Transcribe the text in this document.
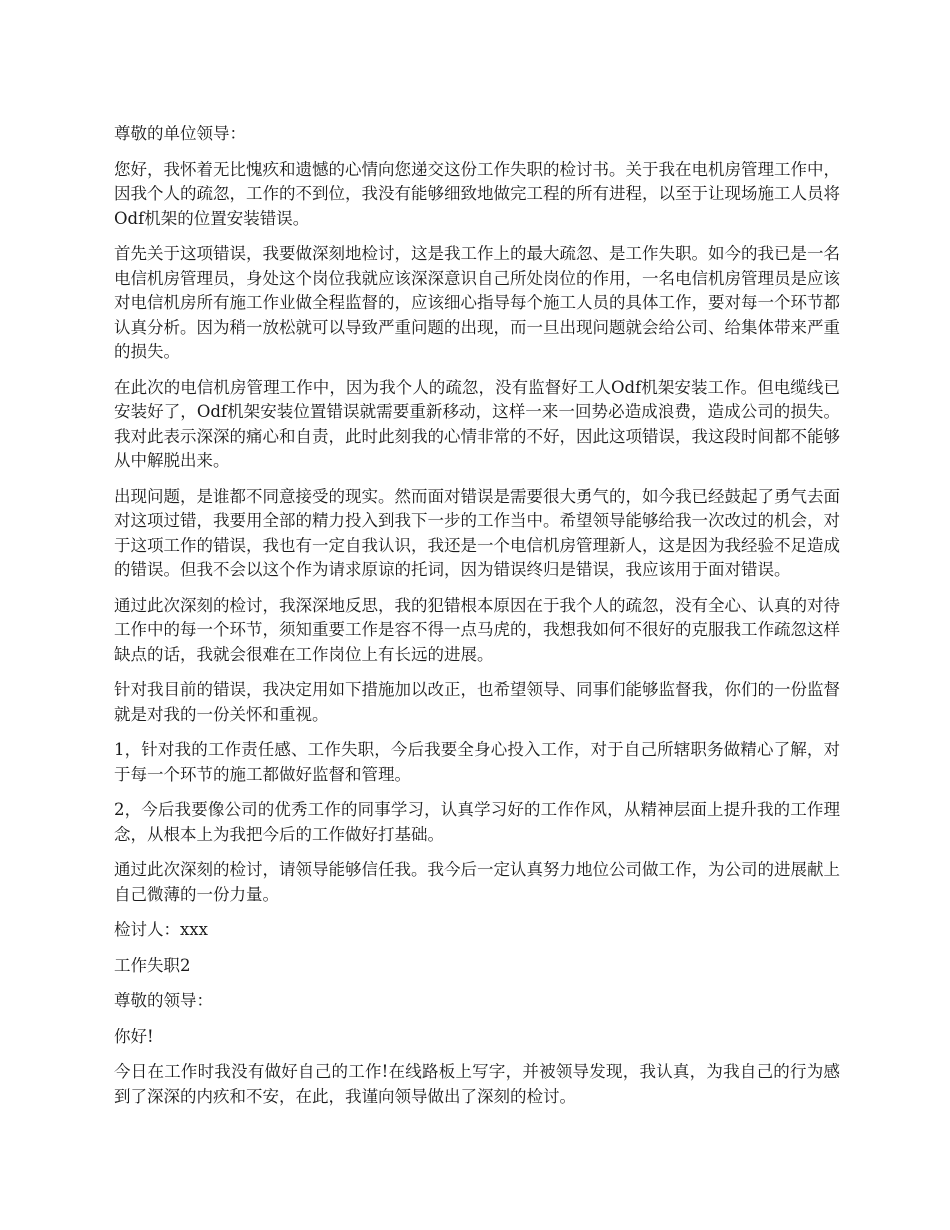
尊敬的单位领导：

您好，我怀着无比愧疚和遗憾的心情向您递交这份工作失职的检讨书。关于我在电机房管理工作中，因我个人的疏忽，工作的不到位，我没有能够细致地做完工程的所有进程，以至于让现场施工人员将Odf机架的位置安装错误。

首先关于这项错误，我要做深刻地检讨，这是我工作上的最大疏忽、是工作失职。如今的我已是一名电信机房管理员，身处这个岗位我就应该深深意识自己所处岗位的作用，一名电信机房管理员是应该对电信机房所有施工作业做全程监督的，应该细心指导每个施工人员的具体工作，要对每一个环节都认真分析。因为稍一放松就可以导致严重问题的出现，而一旦出现问题就会给公司、给集体带来严重的损失。

在此次的电信机房管理工作中，因为我个人的疏忽，没有监督好工人Odf机架安装工作。但电缆线已安装好了，Odf机架安装位置错误就需要重新移动，这样一来一回势必造成浪费，造成公司的损失。我对此表示深深的痛心和自责，此时此刻我的心情非常的不好，因此这项错误，我这段时间都不能够从中解脱出来。

出现问题，是谁都不同意接受的现实。然而面对错误是需要很大勇气的，如今我已经鼓起了勇气去面对这项过错，我要用全部的精力投入到我下一步的工作当中。希望领导能够给我一次改过的机会，对于这项工作的错误，我也有一定自我认识，我还是一个电信机房管理新人，这是因为我经验不足造成的错误。但我不会以这个作为请求原谅的托词，因为错误终归是错误，我应该用于面对错误。

通过此次深刻的检讨，我深深地反思，我的犯错根本原因在于我个人的疏忽，没有全心、认真的对待工作中的每一个环节，须知重要工作是容不得一点马虎的，我想我如何不很好的克服我工作疏忽这样缺点的话，我就会很难在工作岗位上有长远的进展。

针对我目前的错误，我决定用如下措施加以改正，也希望领导、同事们能够监督我，你们的一份监督就是对我的一份关怀和重视。

1，针对我的工作责任感、工作失职，今后我要全身心投入工作，对于自己所辖职务做精心了解，对于每一个环节的施工都做好监督和管理。

2，今后我要像公司的优秀工作的同事学习，认真学习好的工作作风，从精神层面上提升我的工作理念，从根本上为我把今后的工作做好打基础。

通过此次深刻的检讨，请领导能够信任我。我今后一定认真努力地位公司做工作，为公司的进展献上自己微薄的一份力量。

检讨人：xxx

工作失职2

尊敬的领导：

你好!

今日在工作时我没有做好自己的工作!在线路板上写字，并被领导发现，我认真，为我自己的行为感到了深深的内疚和不安，在此，我谨向领导做出了深刻的检讨。
